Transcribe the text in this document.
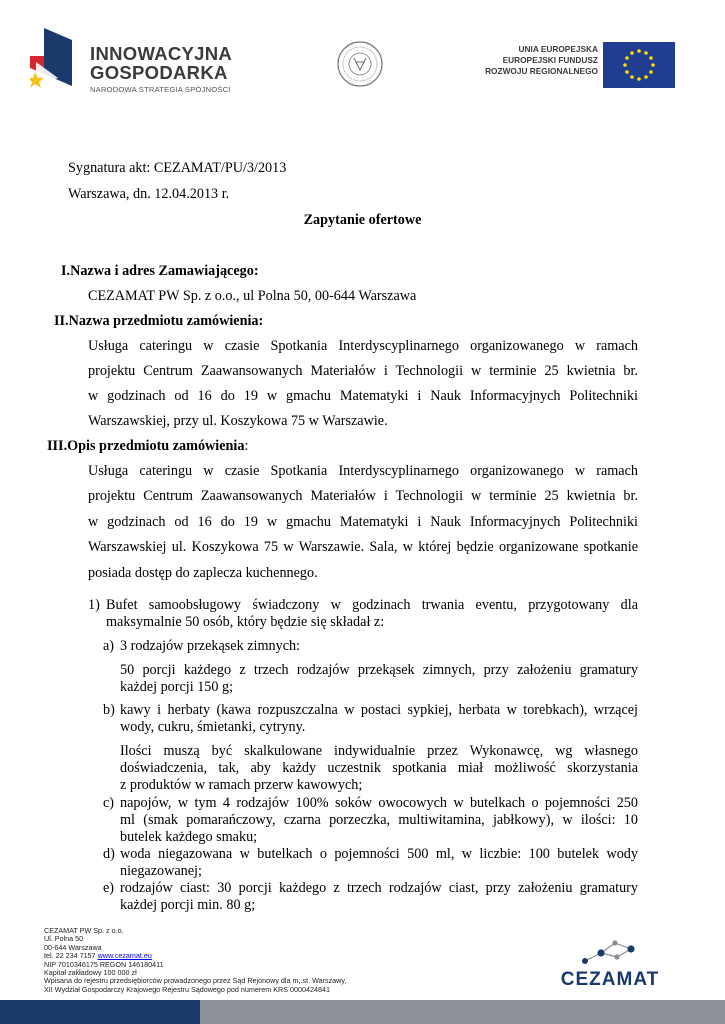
INNOWACYJNA
GOSPODARKA
NARODOWA STRATEGIA SPÓJNOŚCI
UNIA EUROPEJSKA
EUROPEJSKI FUNDUSZ
ROZWOJU REGIONALNEGO
Sygnatura akt: CEZAMAT/PU/3/2013
Warszawa, dn. 12.04.2013 r.
Zapytanie ofertowe
I.Nazwa i adres Zamawiającego:
CEZAMAT PW Sp. z o.o., ul Polna 50, 00-644 Warszawa
II.Nazwa przedmiotu zamówienia:
Usługa cateringu w czasie Spotkania Interdyscyplinarnego organizowanego w ramach
projektu Centrum Zaawansowanych Materiałów i Technologii w terminie 25 kwietnia br.
w godzinach od 16 do 19 w gmachu Matematyki i Nauk Informacyjnych Politechniki
Warszawskiej, przy ul. Koszykowa 75 w Warszawie.
III.Opis przedmiotu zamówienia:
Usługa cateringu w czasie Spotkania Interdyscyplinarnego organizowanego w ramach
projektu Centrum Zaawansowanych Materiałów i Technologii w terminie 25 kwietnia br.
w godzinach od 16 do 19 w gmachu Matematyki i Nauk Informacyjnych Politechniki
Warszawskiej ul. Koszykowa 75 w Warszawie. Sala, w której będzie organizowane spotkanie
posiada dostęp do zaplecza kuchennego.
1) Bufet samoobsługowy świadczony w godzinach trwania eventu, przygotowany dla
maksymalnie 50 osób, który będzie się składał z:
a) 3 rodzajów przekąsek zimnych:
50 porcji każdego z trzech rodzajów przekąsek zimnych, przy założeniu gramatury
każdej porcji 150 g;
b) kawy i herbaty (kawa rozpuszczalna w postaci sypkiej, herbata w torebkach), wrzącej
wody, cukru, śmietanki, cytryny.
Ilości muszą być skalkulowane indywidualnie przez Wykonawcę, wg własnego
doświadczenia, tak, aby każdy uczestnik spotkania miał możliwość skorzystania
z produktów w ramach przerw kawowych;
c) napojów, w tym 4 rodzajów 100% soków owocowych w butelkach o pojemności 250
ml (smak pomarańczowy, czarna porzeczka, multiwitamina, jabłkowy), w ilości: 10
butelek każdego smaku;
d) woda niegazowana w butelkach o pojemności 500 ml, w liczbie: 100 butelek wody
niegazowanej;
e) rodzajów ciast: 30 porcji każdego z trzech rodzajów ciast, przy założeniu gramatury
każdej porcji min. 80 g;
CEZAMAT PW Sp. z o.o.
Ul. Polna 50
00-644 Warszawa
tel. 22 234 7157 www.cezamat.eu
NIP 7010346175 REGON 146180411
Kapitał zakładowy 100 000 zł
Wpisana do rejestru przedsiębiorców prowadzonego przez Sąd Rejonowy dla m,.st. Warszawy,
XII Wydział Gospodarczy Krajowego Rejestru Sądowego pod numerem KRS 0000424841	CEZAMAT
